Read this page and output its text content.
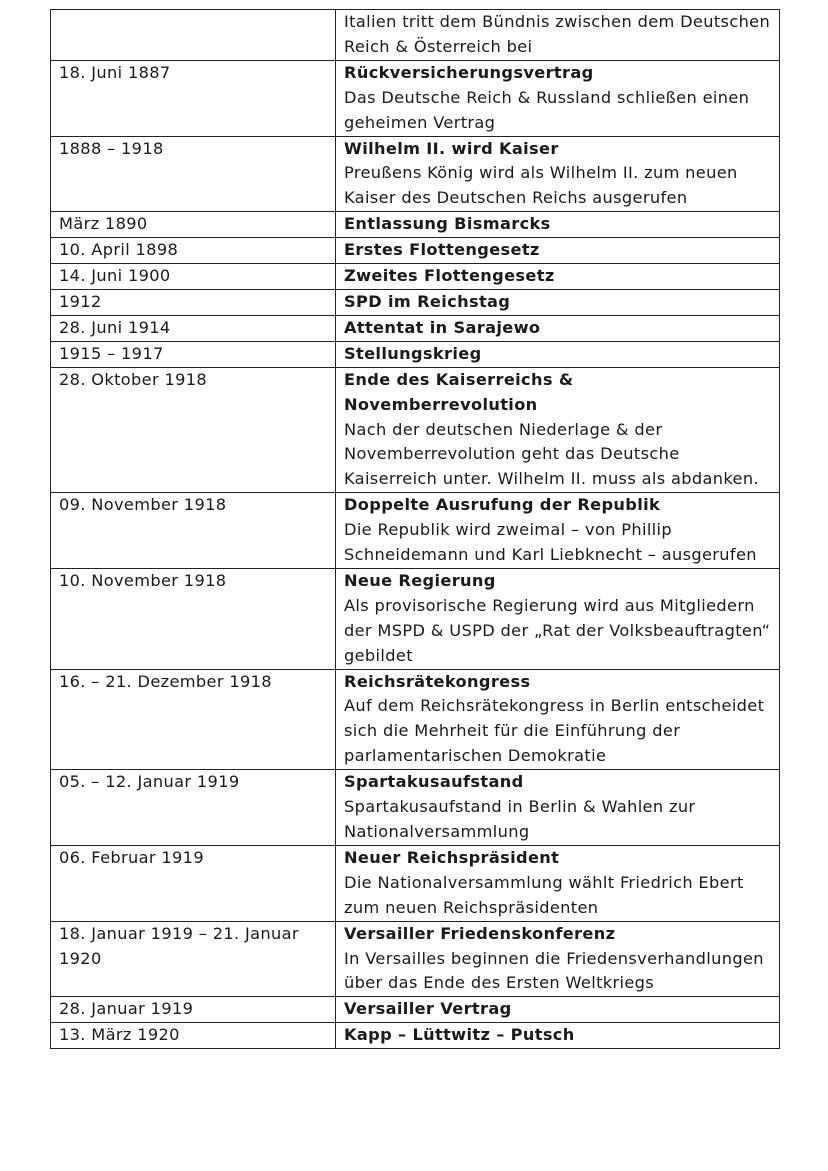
	Italien tritt dem Bündnis zwischen dem Deutschen Reich & Österreich bei

18. Juni 1887	Rückversicherungsvertrag
Das Deutsche Reich & Russland schließen einen geheimen Vertrag

1888 – 1918	Wilhelm II. wird Kaiser
Preußens König wird als Wilhelm II. zum neuen Kaiser des Deutschen Reichs ausgerufen

März 1890	Entlassung Bismarcks

10. April 1898	Erstes Flottengesetz

14. Juni 1900	Zweites Flottengesetz

1912	SPD im Reichstag

28. Juni 1914	Attentat in Sarajewo

1915 – 1917	Stellungskrieg

28. Oktober 1918	Ende des Kaiserreichs & Novemberrevolution
Nach der deutschen Niederlage & der Novemberrevolution geht das Deutsche Kaiserreich unter. Wilhelm II. muss als abdanken.

09. November 1918	Doppelte Ausrufung der Republik
Die Republik wird zweimal – von Phillip Schneidemann und Karl Liebknecht – ausgerufen

10. November 1918	Neue Regierung
Als provisorische Regierung wird aus Mitgliedern der MSPD & USPD der „Rat der Volksbeauftragten“ gebildet

16. – 21. Dezember 1918	Reichsrätekongress
Auf dem Reichsrätekongress in Berlin entscheidet sich die Mehrheit für die Einführung der parlamentarischen Demokratie

05. – 12. Januar 1919	Spartakusaufstand
Spartakusaufstand in Berlin & Wahlen zur Nationalversammlung

06. Februar 1919	Neuer Reichspräsident
Die Nationalversammlung wählt Friedrich Ebert zum neuen Reichspräsidenten

18. Januar 1919 – 21. Januar 1920	Versailler Friedenskonferenz
In Versailles beginnen die Friedensverhandlungen über das Ende des Ersten Weltkriegs

28. Januar 1919	Versailler Vertrag

13. März 1920	Kapp – Lüttwitz – Putsch
